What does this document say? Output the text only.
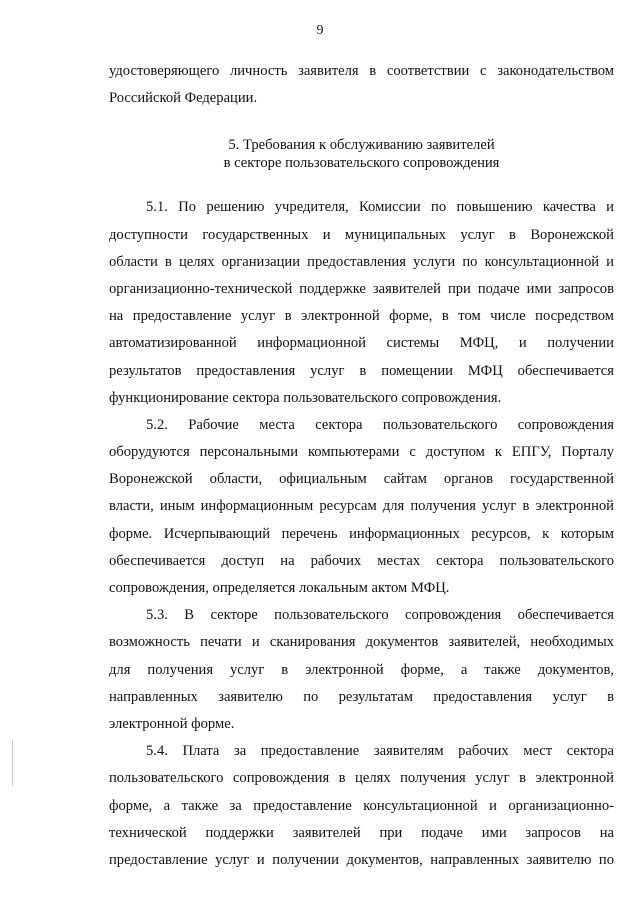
9
удостоверяющего личность заявителя в соответствии с законодательством
Российской Федерации.
5. Требования к обслуживанию заявителей
в секторе пользовательского сопровождения
5.1. По решению учредителя, Комиссии по повышению качества и
доступности государственных и муниципальных услуг в Воронежской
области в целях организации предоставления услуги по консультационной и
организационно-технической поддержке заявителей при подаче ими запросов
на предоставление услуг в электронной форме, в том числе посредством
автоматизированной информационной системы МФЦ, и получении
результатов предоставления услуг в помещении МФЦ обеспечивается
функционирование сектора пользовательского сопровождения.
5.2. Рабочие места сектора пользовательского сопровождения
оборудуются персональными компьютерами с доступом к ЕПГУ, Порталу
Воронежской области, официальным сайтам органов государственной
власти, иным информационным ресурсам для получения услуг в электронной
форме. Исчерпывающий перечень информационных ресурсов, к которым
обеспечивается доступ на рабочих местах сектора пользовательского
сопровождения, определяется локальным актом МФЦ.
5.3. В секторе пользовательского сопровождения обеспечивается
возможность печати и сканирования документов заявителей, необходимых
для получения услуг в электронной форме, а также документов,
направленных заявителю по результатам предоставления услуг в
электронной форме.
5.4. Плата за предоставление заявителям рабочих мест сектора
пользовательского сопровождения в целях получения услуг в электронной
форме, а также за предоставление консультационной и организационно-
технической поддержки заявителей при подаче ими запросов на
предоставление услуг и получении документов, направленных заявителю по
